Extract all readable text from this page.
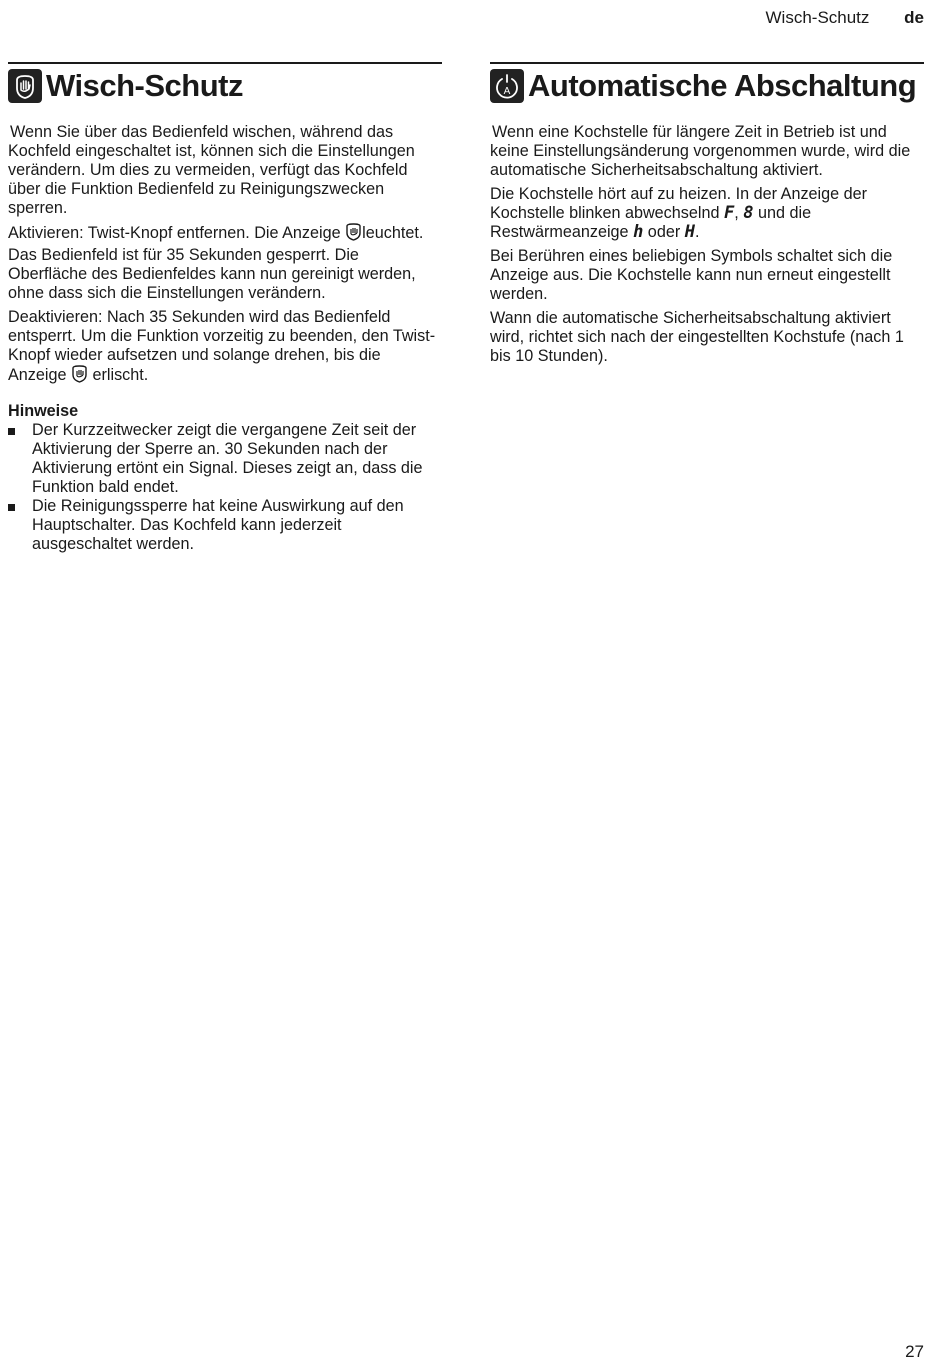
Wisch-Schutz de
Wisch-Schutz

Wenn Sie über das Bedienfeld wischen, während das Kochfeld eingeschaltet ist, können sich die Einstellungen verändern. Um dies zu vermeiden, verfügt das Kochfeld über die Funktion Bedienfeld zu Reinigungszwecken sperren.

Aktivieren: Twist-Knopf entfernen. Die Anzeige leuchtet. Das Bedienfeld ist für 35 Sekunden gesperrt. Die Oberfläche des Bedienfeldes kann nun gereinigt werden, ohne dass sich die Einstellungen verändern.

Deaktivieren: Nach 35 Sekunden wird das Bedienfeld entsperrt. Um die Funktion vorzeitig zu beenden, den Twist-Knopf wieder aufsetzen und solange drehen, bis die Anzeige  erlischt.

Hinweise
Der Kurzzeitwecker zeigt die vergangene Zeit seit der Aktivierung der Sperre an. 30 Sekunden nach der Aktivierung ertönt ein Signal. Dieses zeigt an, dass die Funktion bald endet.
Die Reinigungssperre hat keine Auswirkung auf den Hauptschalter. Das Kochfeld kann jederzeit ausgeschaltet werden.
A Automatische Abschaltung

Wenn eine Kochstelle für längere Zeit in Betrieb ist und keine Einstellungsänderung vorgenommen wurde, wird die automatische Sicherheitsabschaltung aktiviert.

Die Kochstelle hört auf zu heizen. In der Anzeige der Kochstelle blinken abwechselnd F, 8 und die Restwärmeanzeige h oder H.

Bei Berühren eines beliebigen Symbols schaltet sich die Anzeige aus. Die Kochstelle kann nun erneut eingestellt werden.

Wann die automatische Sicherheitsabschaltung aktiviert wird, richtet sich nach der eingestellten Kochstufe (nach 1 bis 10 Stunden).

27
